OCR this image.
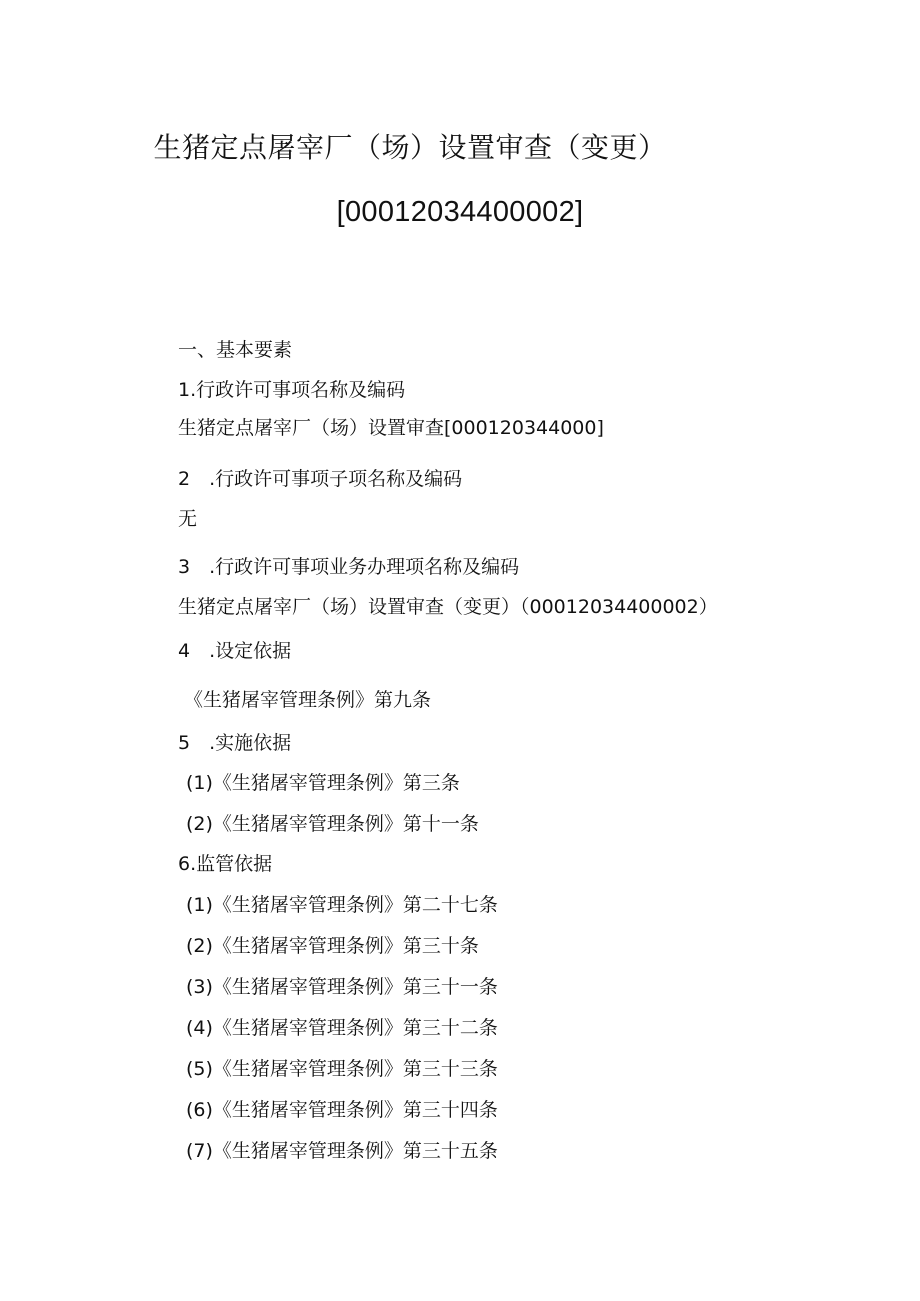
生猪定点屠宰厂（场）设置审查（变更）
[00012034400002]
一、基本要素
1.行政许可事项名称及编码
生猪定点屠宰厂（场）设置审查[000120344000]
2　.行政许可事项子项名称及编码
无
3　.行政许可事项业务办理项名称及编码
生猪定点屠宰厂（场）设置审查（变更）（00012034400002）
4　.设定依据
《生猪屠宰管理条例》第九条
5　.实施依据
(1)《生猪屠宰管理条例》第三条
(2)《生猪屠宰管理条例》第十一条
6.监管依据
(1)《生猪屠宰管理条例》第二十七条
(2)《生猪屠宰管理条例》第三十条
(3)《生猪屠宰管理条例》第三十一条
(4)《生猪屠宰管理条例》第三十二条
(5)《生猪屠宰管理条例》第三十三条
(6)《生猪屠宰管理条例》第三十四条
(7)《生猪屠宰管理条例》第三十五条
